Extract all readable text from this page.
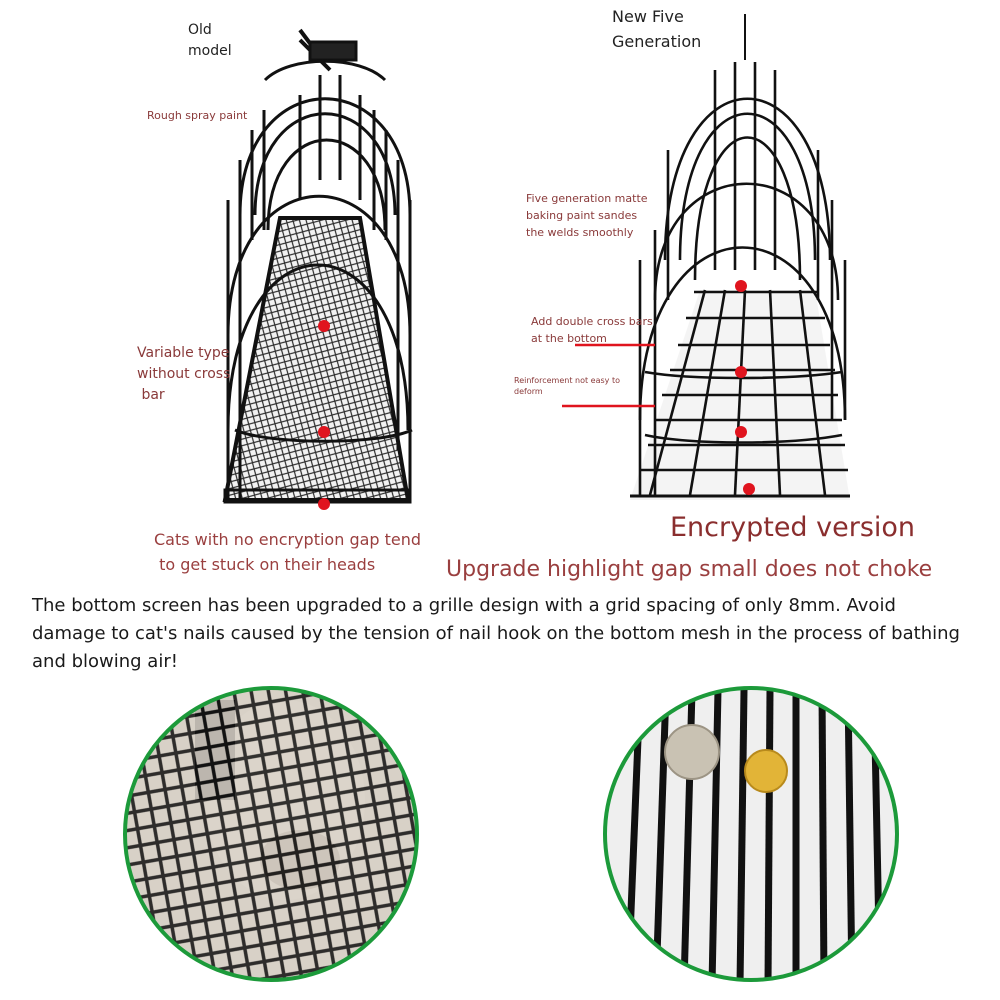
Old
model
Rough spray paint
Variable type
without cross
bar
Cats with no encryption gap tend
to get stuck on their heads
New Five
Generation
Five generation matte
baking paint sandes
the welds smoothly
Add double cross bars
at the bottom
Reinforcement not easy to
deform
Encrypted version
Upgrade highlight gap small does not choke
The bottom screen has been upgraded to a grille design with a grid spacing of only 8mm. Avoid damage to cat's nails caused by the tension of nail hook on the bottom mesh in the process of bathing and blowing air!
